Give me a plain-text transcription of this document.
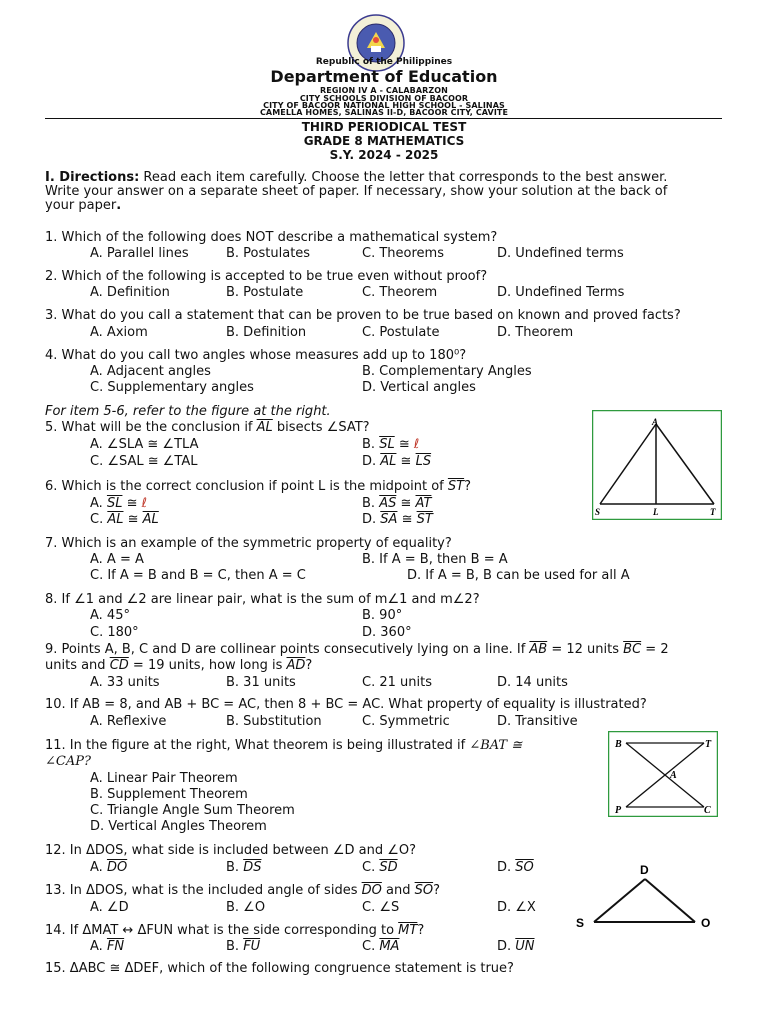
Republic of the Philippines
Department of Education
REGION IV A - CALABARZON
CITY SCHOOLS DIVISION OF BACOOR
CITY OF BACOOR NATIONAL HIGH SCHOOL - SALINAS
CAMELLA HOMES, SALINAS II-D, BACOOR CITY, CAVITE
THIRD PERIODICAL TEST
GRADE 8 MATHEMATICS
S.Y. 2024 - 2025
I. Directions: Read each item carefully. Choose the letter that corresponds to the best answer.
Write your answer on a separate sheet of paper. If necessary, show your solution at the back of
your paper.
1. Which of the following does NOT describe a mathematical system?
A. Parallel lines	B. Postulates	C. Theorems	D. Undefined terms
2. Which of the following is accepted to be true even without proof?
A. Definition	B. Postulate	C. Theorem	D. Undefined Terms
3. What do you call a statement that can be proven to be true based on known and proved facts?
A. Axiom	B. Definition	C. Postulate	D. Theorem
4. What do you call two angles whose measures add up to 180⁰?
A. Adjacent angles	B. Complementary Angles
C. Supplementary angles	D. Vertical angles
For item 5-6, refer to the figure at the right.
5. What will be the conclusion if $\overline{AL}$ bisects ∠SAT?
A. ∠SLA ≅ ∠TLA	B. $\overline{SL}$ ≅ ℓ
C. ∠SAL ≅ ∠TAL	D. $\overline{AL}$ ≅ $\overline{LS}$
A
S	L	T
6. Which is the correct conclusion if point L is the midpoint of $\overline{ST}$?
A. $\overline{SL}$ ≅ ℓ	B. $\overline{AS}$ ≅ $\overline{AT}$
C. $\overline{AL}$ ≅ $\overline{AL}$	D. $\overline{SA}$ ≅ $\overline{ST}$
7. Which is an example of the symmetric property of equality?
A. A = A	B. If A = B, then B = A
C. If A = B and B = C, then A = C	D. If A = B, B can be used for all A
8. If ∠1 and ∠2 are linear pair, what is the sum of m∠1 and m∠2?
A. 45°	B. 90°
C. 180°	D. 360°
9. Points A, B, C and D are collinear points consecutively lying on a line. If $\overline{AB} = 12$ units $\overline{BC} = 2$
units and $\overline{CD} = 19$ units, how long is $\overline{AD}$?
A. 33 units	B. 31 units	C. 21 units	D. 14 units
10. If AB = 8, and AB + BC = AC, then 8 + BC = AC. What property of equality is illustrated?
A. Reflexive	B. Substitution	C. Symmetric	D. Transitive
11. In the figure at the right, What theorem is being illustrated if ∠BAT ≅
∠CAP?
A. Linear Pair Theorem
B. Supplement Theorem
C. Triangle Angle Sum Theorem
D. Vertical Angles Theorem
B	T
A
P	C
12. In ΔDOS, what side is included between ∠D and ∠O?
A. $\overline{DO}$	B. $\overline{DS}$	C. $\overline{SD}$	D. $\overline{SO}$
13. In ΔDOS, what is the included angle of sides $\overline{DO}$ and $\overline{SO}$?
A. ∠D	B. ∠O	C. ∠S	D. ∠X
D
S	O
14. If ΔMAT ↔ ΔFUN what is the side corresponding to $\overline{MT}$?
A. $\overline{FN}$	B. $\overline{FU}$	C. $\overline{MA}$	D. $\overline{UN}$
15. ΔABC ≅ ΔDEF, which of the following congruence statement is true?
